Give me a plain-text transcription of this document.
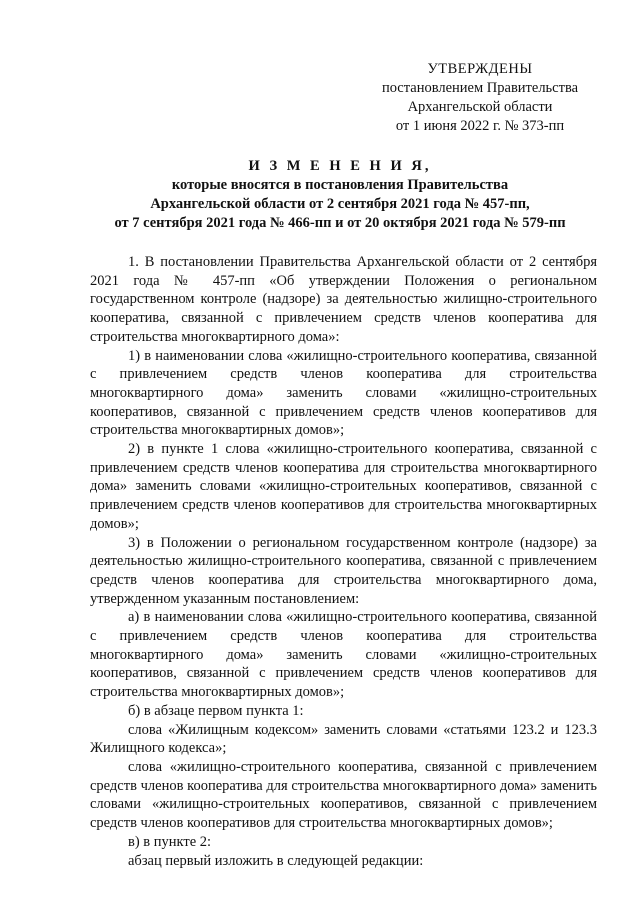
УТВЕРЖДЕНЫ
постановлением Правительства
Архангельской области
от 1 июня 2022 г. № 373-пп
И З М Е Н Е Н И Я,
которые вносятся в постановления Правительства
Архангельской области от 2 сентября 2021 года № 457-пп,
от 7 сентября 2021 года № 466-пп и от 20 октября 2021 года № 579-пп

1. В постановлении Правительства Архангельской области от 2 сентября 2021 года № 457-пп «Об утверждении Положения о региональном государственном контроле (надзоре) за деятельностью жилищно-строительного кооператива, связанной с привлечением средств членов кооператива для строительства многоквартирного дома»:

1) в наименовании слова «жилищно-строительного кооператива, связанной с привлечением средств членов кооператива для строительства многоквартирного дома» заменить словами «жилищно-строительных кооперативов, связанной с привлечением средств членов кооперативов для строительства многоквартирных домов»;

2) в пункте 1 слова «жилищно-строительного кооператива, связанной с привлечением средств членов кооператива для строительства многоквартирного дома» заменить словами «жилищно-строительных кооперативов, связанной с привлечением средств членов кооперативов для строительства многоквартирных домов»;

3) в Положении о региональном государственном контроле (надзоре) за деятельностью жилищно-строительного кооператива, связанной с привлечением средств членов кооператива для строительства многоквартирного дома, утвержденном указанным постановлением:

а) в наименовании слова «жилищно-строительного кооператива, связанной с привлечением средств членов кооператива для строительства многоквартирного дома» заменить словами «жилищно-строительных кооперативов, связанной с привлечением средств членов кооперативов для строительства многоквартирных домов»;

б) в абзаце первом пункта 1:

слова «Жилищным кодексом» заменить словами «статьями 123.2 и 123.3 Жилищного кодекса»;

слова «жилищно-строительного кооператива, связанной с привлечением средств членов кооператива для строительства многоквартирного дома» заменить словами «жилищно-строительных кооперативов, связанной с привлечением средств членов кооперативов для строительства многоквартирных домов»;

в) в пункте 2:

абзац первый изложить в следующей редакции:
